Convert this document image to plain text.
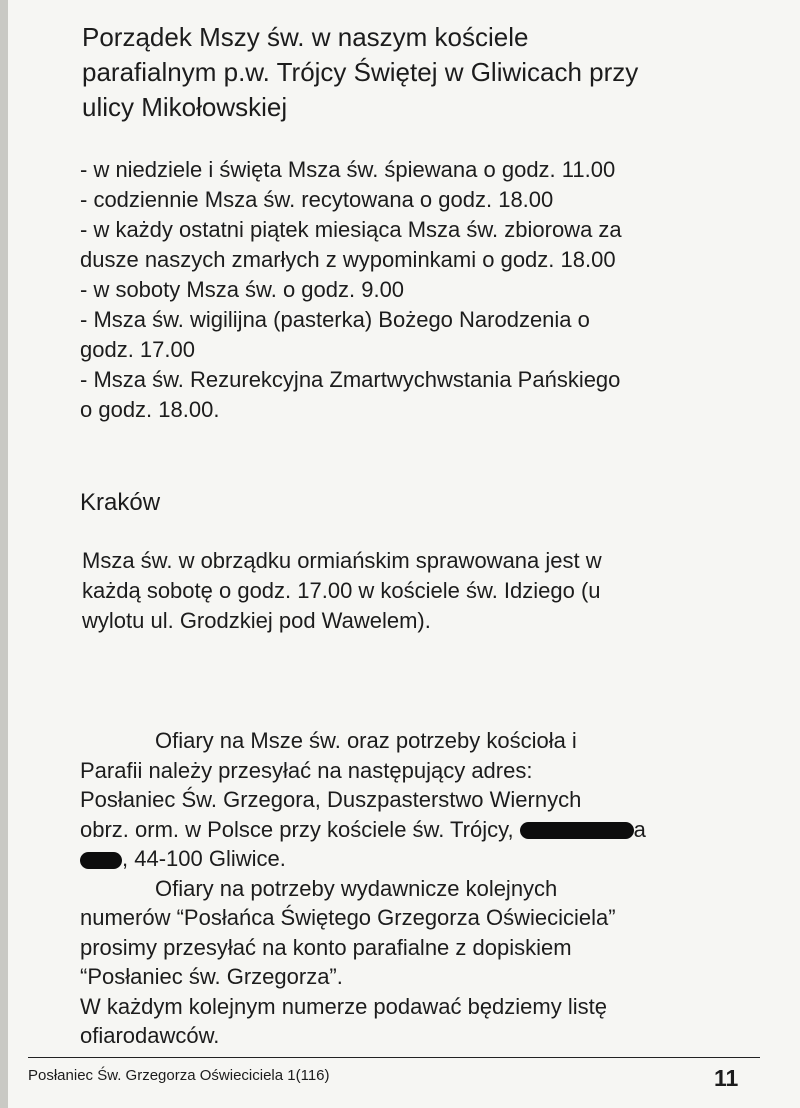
Porządek Mszy św. w naszym kościele
parafialnym p.w. Trójcy Świętej w Gliwicach przy
ulicy Mikołowskiej
- w niedziele i święta Msza św. śpiewana o godz. 11.00
- codziennie Msza św. recytowana o godz. 18.00
- w każdy ostatni piątek miesiąca Msza św. zbiorowa za
dusze naszych zmarłych z wypominkami o godz. 18.00
- w soboty Msza św. o godz. 9.00
- Msza św. wigilijna (pasterka) Bożego Narodzenia o
godz. 17.00
- Msza św. Rezurekcyjna Zmartwychwstania Pańskiego
o godz. 18.00.
Kraków
Msza św. w obrządku ormiańskim sprawowana jest w
każdą sobotę o godz. 17.00 w kościele św. Idziego (u
wylotu ul. Grodzkiej pod Wawelem).
Ofiary na Msze św. oraz potrzeby kościoła i
Parafii należy przesyłać na następujący adres:
Posłaniec Św. Grzegora, Duszpasterstwo Wiernych
obrz. orm. w Polsce przy kościele św. Trójcy,	a
, 44-100 Gliwice.
Ofiary na potrzeby wydawnicze kolejnych
numerów “Posłańca Świętego Grzegorza Oświeciciela”
prosimy przesyłać na konto parafialne z dopiskiem
“Posłaniec św. Grzegorza”.
W każdym kolejnym numerze podawać będziemy listę
ofiarodawców.
Posłaniec Św. Grzegorza Oświeciciela 1(116)	11
